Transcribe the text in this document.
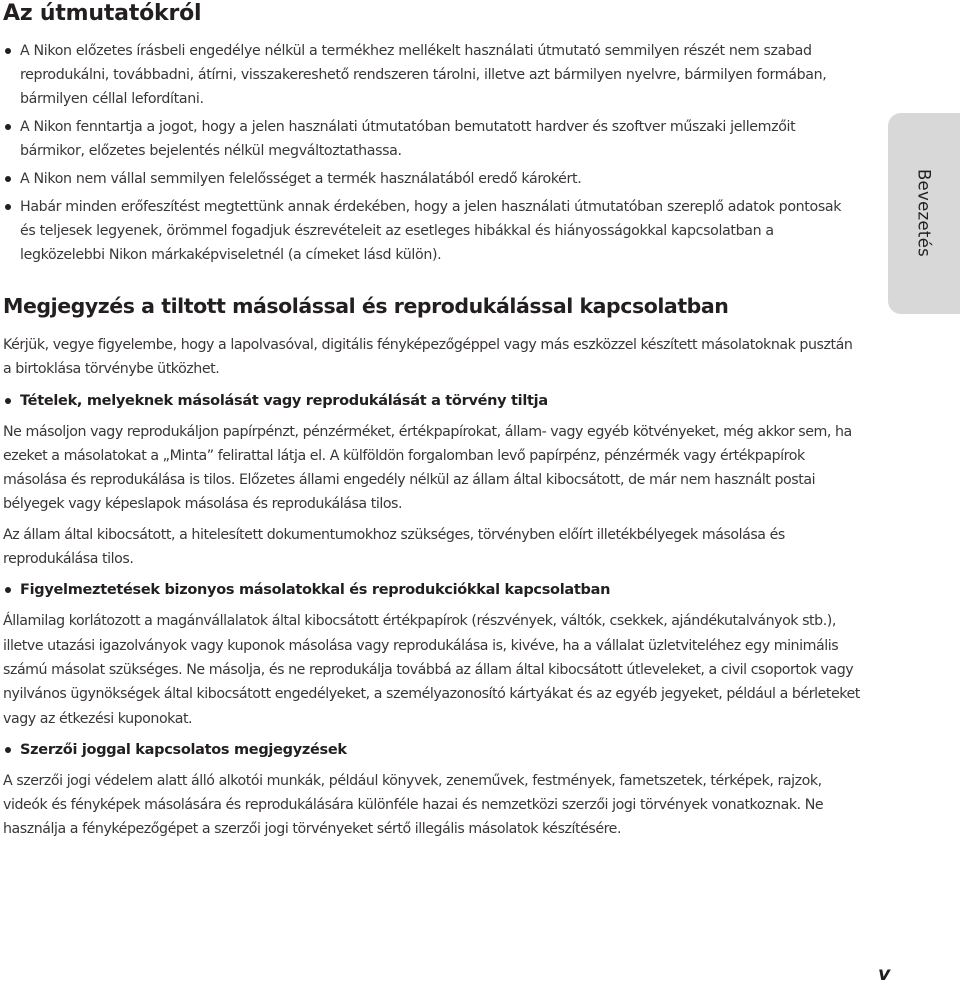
Az útmutatókról
A Nikon előzetes írásbeli engedélye nélkül a termékhez mellékelt használati útmutató semmilyen részét nem szabad reprodukálni, továbbadni, átírni, visszakereshető rendszeren tárolni, illetve azt bármilyen nyelvre, bármilyen formában, bármilyen céllal lefordítani.
A Nikon fenntartja a jogot, hogy a jelen használati útmutatóban bemutatott hardver és szoftver műszaki jellemzőit bármikor, előzetes bejelentés nélkül megváltoztathassa.
A Nikon nem vállal semmilyen felelősséget a termék használatából eredő károkért.
Habár minden erőfeszítést megtettünk annak érdekében, hogy a jelen használati útmutatóban szereplő adatok pontosak és teljesek legyenek, örömmel fogadjuk észrevételeit az esetleges hibákkal és hiányosságokkal kapcsolatban a legközelebbi Nikon márkaképviseletnél (a címeket lásd külön).
Megjegyzés a tiltott másolással és reprodukálással kapcsolatban

Kérjük, vegye figyelembe, hogy a lapolvasóval, digitális fényképezőgéppel vagy más eszközzel készített másolatoknak pusztán a birtoklása törvénybe ütközhet.

Tételek, melyeknek másolását vagy reprodukálását a törvény tiltja

Ne másoljon vagy reprodukáljon papírpénzt, pénzérméket, értékpapírokat, állam- vagy egyéb kötvényeket, még akkor sem, ha ezeket a másolatokat a „Minta” felirattal látja el. A külföldön forgalomban levő papírpénz, pénzérmék vagy értékpapírok másolása és reprodukálása is tilos. Előzetes állami engedély nélkül az állam által kibocsátott, de már nem használt postai bélyegek vagy képeslapok másolása és reprodukálása tilos.

Az állam által kibocsátott, a hitelesített dokumentumokhoz szükséges, törvényben előírt illetékbélyegek másolása és reprodukálása tilos.

Figyelmeztetések bizonyos másolatokkal és reprodukciókkal kapcsolatban

Államilag korlátozott a magánvállalatok által kibocsátott értékpapírok (részvények, váltók, csekkek, ajándékutalványok stb.), illetve utazási igazolványok vagy kuponok másolása vagy reprodukálása is, kivéve, ha a vállalat üzletviteléhez egy minimális számú másolat szükséges. Ne másolja, és ne reprodukálja továbbá az állam által kibocsátott útleveleket, a civil csoportok vagy nyilvános ügynökségek által kibocsátott engedélyeket, a személyazonosító kártyákat és az egyéb jegyeket, például a bérleteket vagy az étkezési kuponokat.

Szerzői joggal kapcsolatos megjegyzések

A szerzői jogi védelem alatt álló alkotói munkák, például könyvek, zeneművek, festmények, fametszetek, térképek, rajzok, videók és fényképek másolására és reprodukálására különféle hazai és nemzetközi szerzői jogi törvények vonatkoznak. Ne használja a fényképezőgépet a szerzői jogi törvényeket sértő illegális másolatok készítésére.

Bevezetés
v
